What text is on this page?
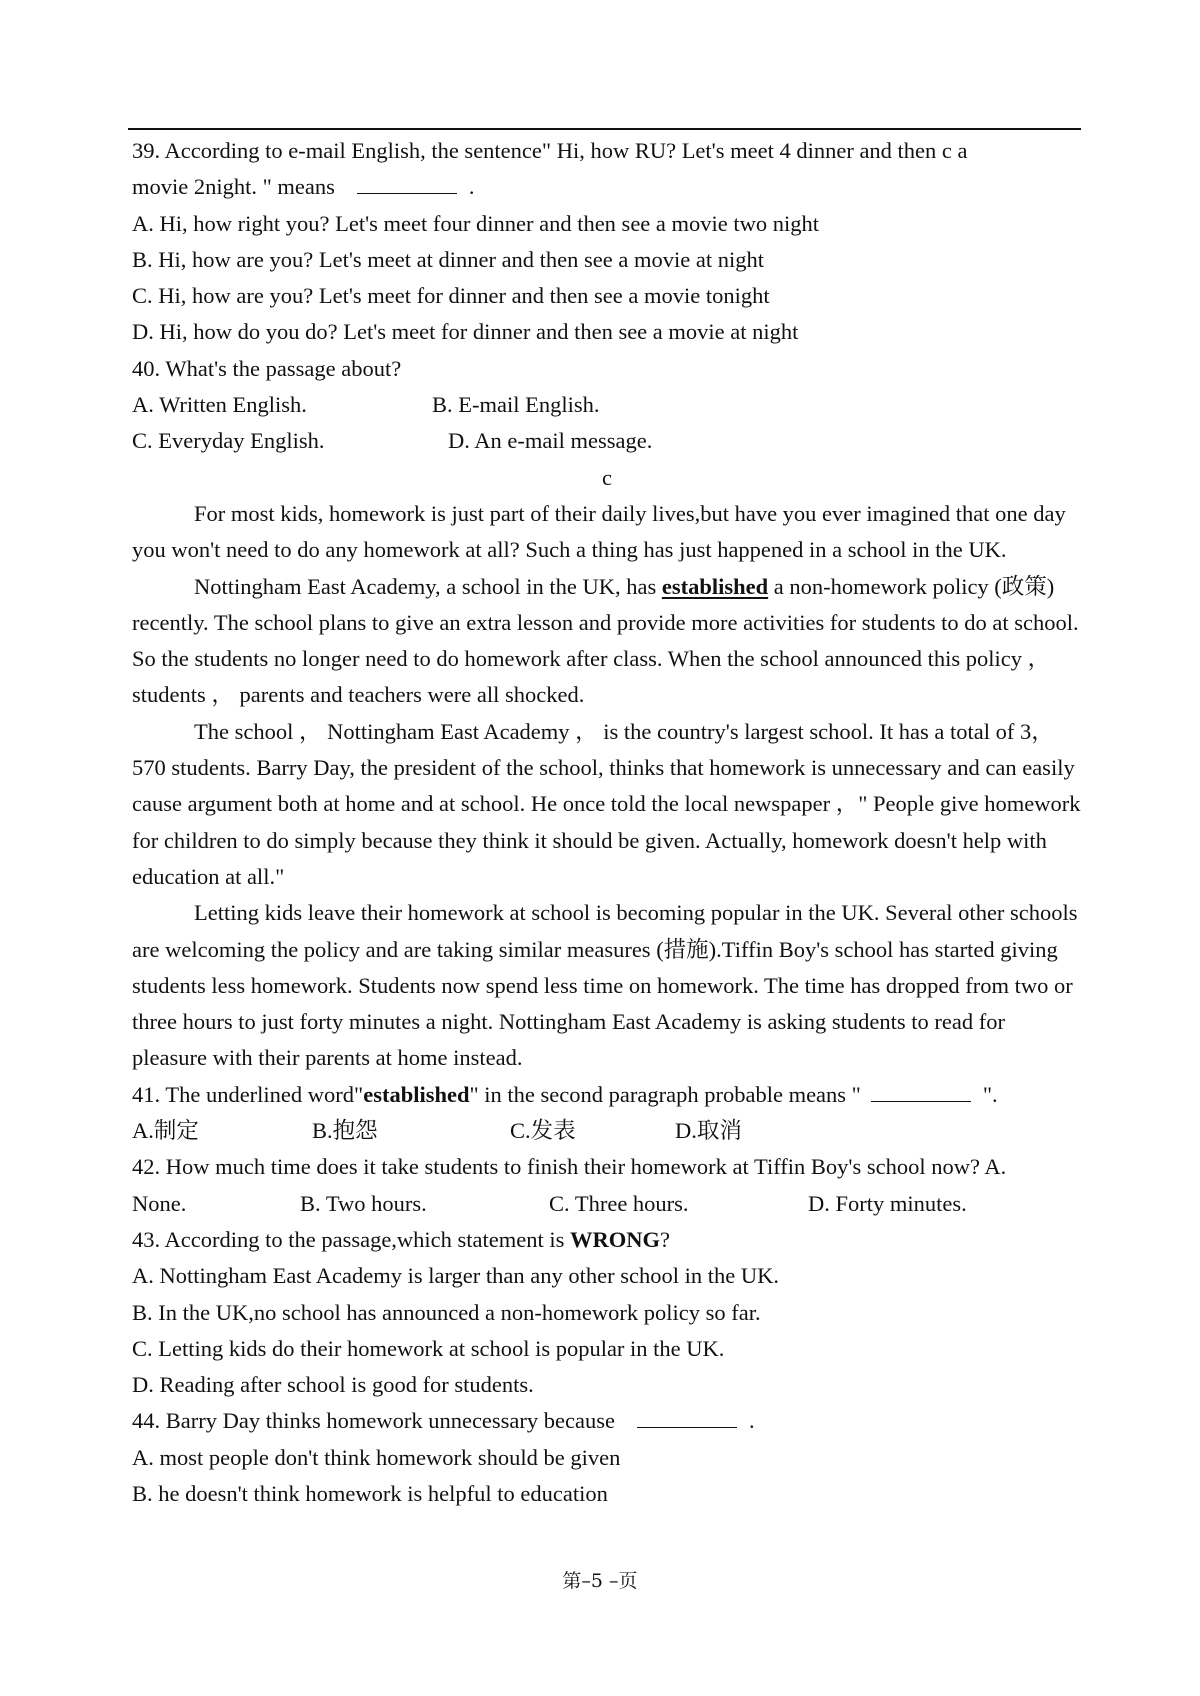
39. According to e-mail English, the sentence" Hi, how RU? Let's meet 4 dinner and then c a
movie 2night. " means	.
A. Hi, how right you? Let's meet four dinner and then see a movie two night
B. Hi, how are you? Let's meet at dinner and then see a movie at night
C. Hi, how are you? Let's meet for dinner and then see a movie tonight
D. Hi, how do you do? Let's meet for dinner and then see a movie at night
40. What's the passage about?
A. Written English.	B. E-mail English.
C. Everyday English.	D. An e-mail message.
c
For most kids, homework is just part of their daily lives,but have you ever imagined that one day you won't need to do any homework at all? Such a thing has just happened in a school in the UK.
Nottingham East Academy, a school in the UK, has established a non-homework policy (政策) recently. The school plans to give an extra lesson and provide more activities for students to do at school. So the students no longer need to do homework after class. When the school announced this policy ， students ， parents and teachers were all shocked.
The school ， Nottingham East Academy ， is the country's largest school. It has a total of 3，570 students. Barry Day, the president of the school, thinks that homework is unnecessary and can easily cause argument both at home and at school. He once told the local newspaper ，" People give homework for children to do simply because they think it should be given. Actually, homework doesn't help with education at all."
Letting kids leave their homework at school is becoming popular in the UK. Several other schools are welcoming the policy and are taking similar measures (措施).Tiffin Boy's school has started giving students less homework. Students now spend less time on homework. The time has dropped from two or three hours to just forty minutes a night. Nottingham East Academy is asking students to read for pleasure with their parents at home instead.
41. The underlined word"established" in the second paragraph probable means "	".
A.制定	B.抱怨	C.发表	D.取消
42. How much time does it take students to finish their homework at Tiffin Boy's school now? A.
None.	B. Two hours.	C. Three hours.	D. Forty minutes.
43. According to the passage,which statement is WRONG?
A. Nottingham East Academy is larger than any other school in the UK.
B. In the UK,no school has announced a non-homework policy so far.
C. Letting kids do their homework at school is popular in the UK.
D. Reading after school is good for students.
44. Barry Day thinks homework unnecessary because	.
A. most people don't think homework should be given
B. he doesn't think homework is helpful to education
第–5 –页
